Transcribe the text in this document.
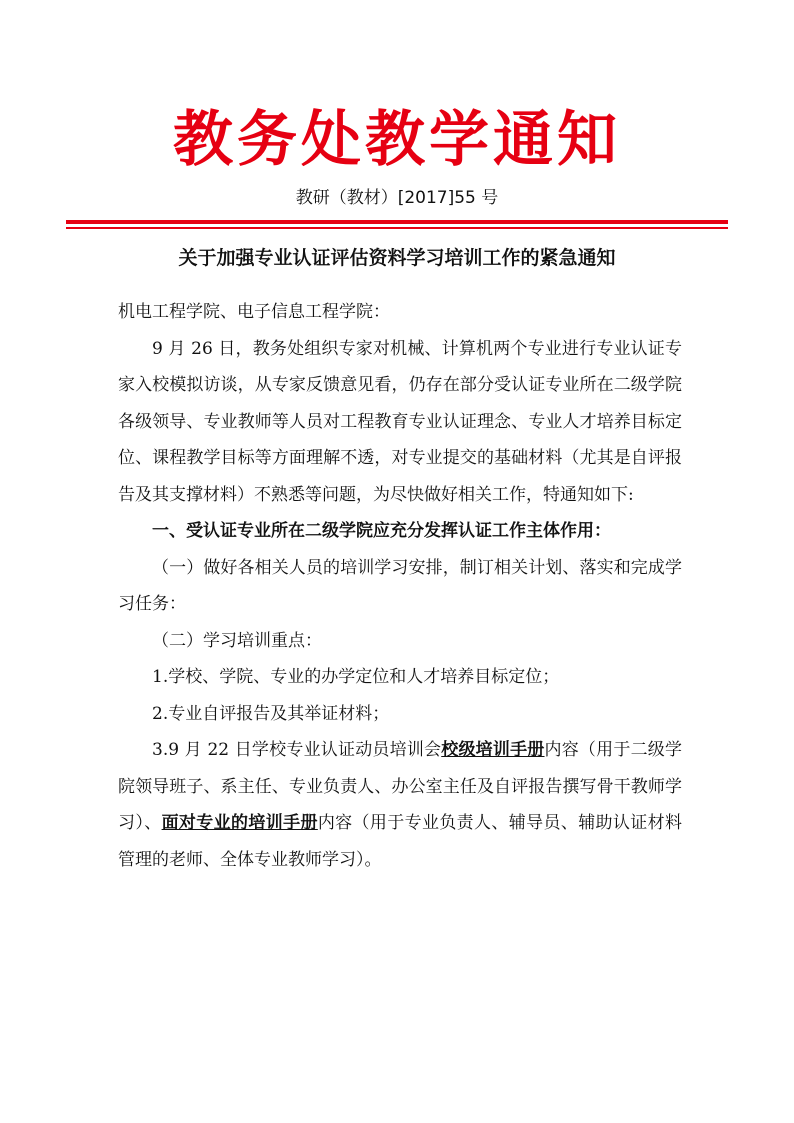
教务处教学通知
教研（教材）[2017]55 号
关于加强专业认证评估资料学习培训工作的紧急通知

机电工程学院、电子信息工程学院：

9 月 26 日，教务处组织专家对机械、计算机两个专业进行专业认证专家入校模拟访谈，从专家反馈意见看，仍存在部分受认证专业所在二级学院各级领导、专业教师等人员对工程教育专业认证理念、专业人才培养目标定位、课程教学目标等方面理解不透，对专业提交的基础材料（尤其是自评报告及其支撑材料）不熟悉等问题，为尽快做好相关工作，特通知如下:

一、受认证专业所在二级学院应充分发挥认证工作主体作用：

（一）做好各相关人员的培训学习安排，制订相关计划、落实和完成学习任务：

（二）学习培训重点：

1.学校、学院、专业的办学定位和人才培养目标定位；

2.专业自评报告及其举证材料；

3.9 月 22 日学校专业认证动员培训会校级培训手册内容（用于二级学院领导班子、系主任、专业负责人、办公室主任及自评报告撰写骨干教师学习）、面对专业的培训手册内容（用于专业负责人、辅导员、辅助认证材料管理的老师、全体专业教师学习）。
